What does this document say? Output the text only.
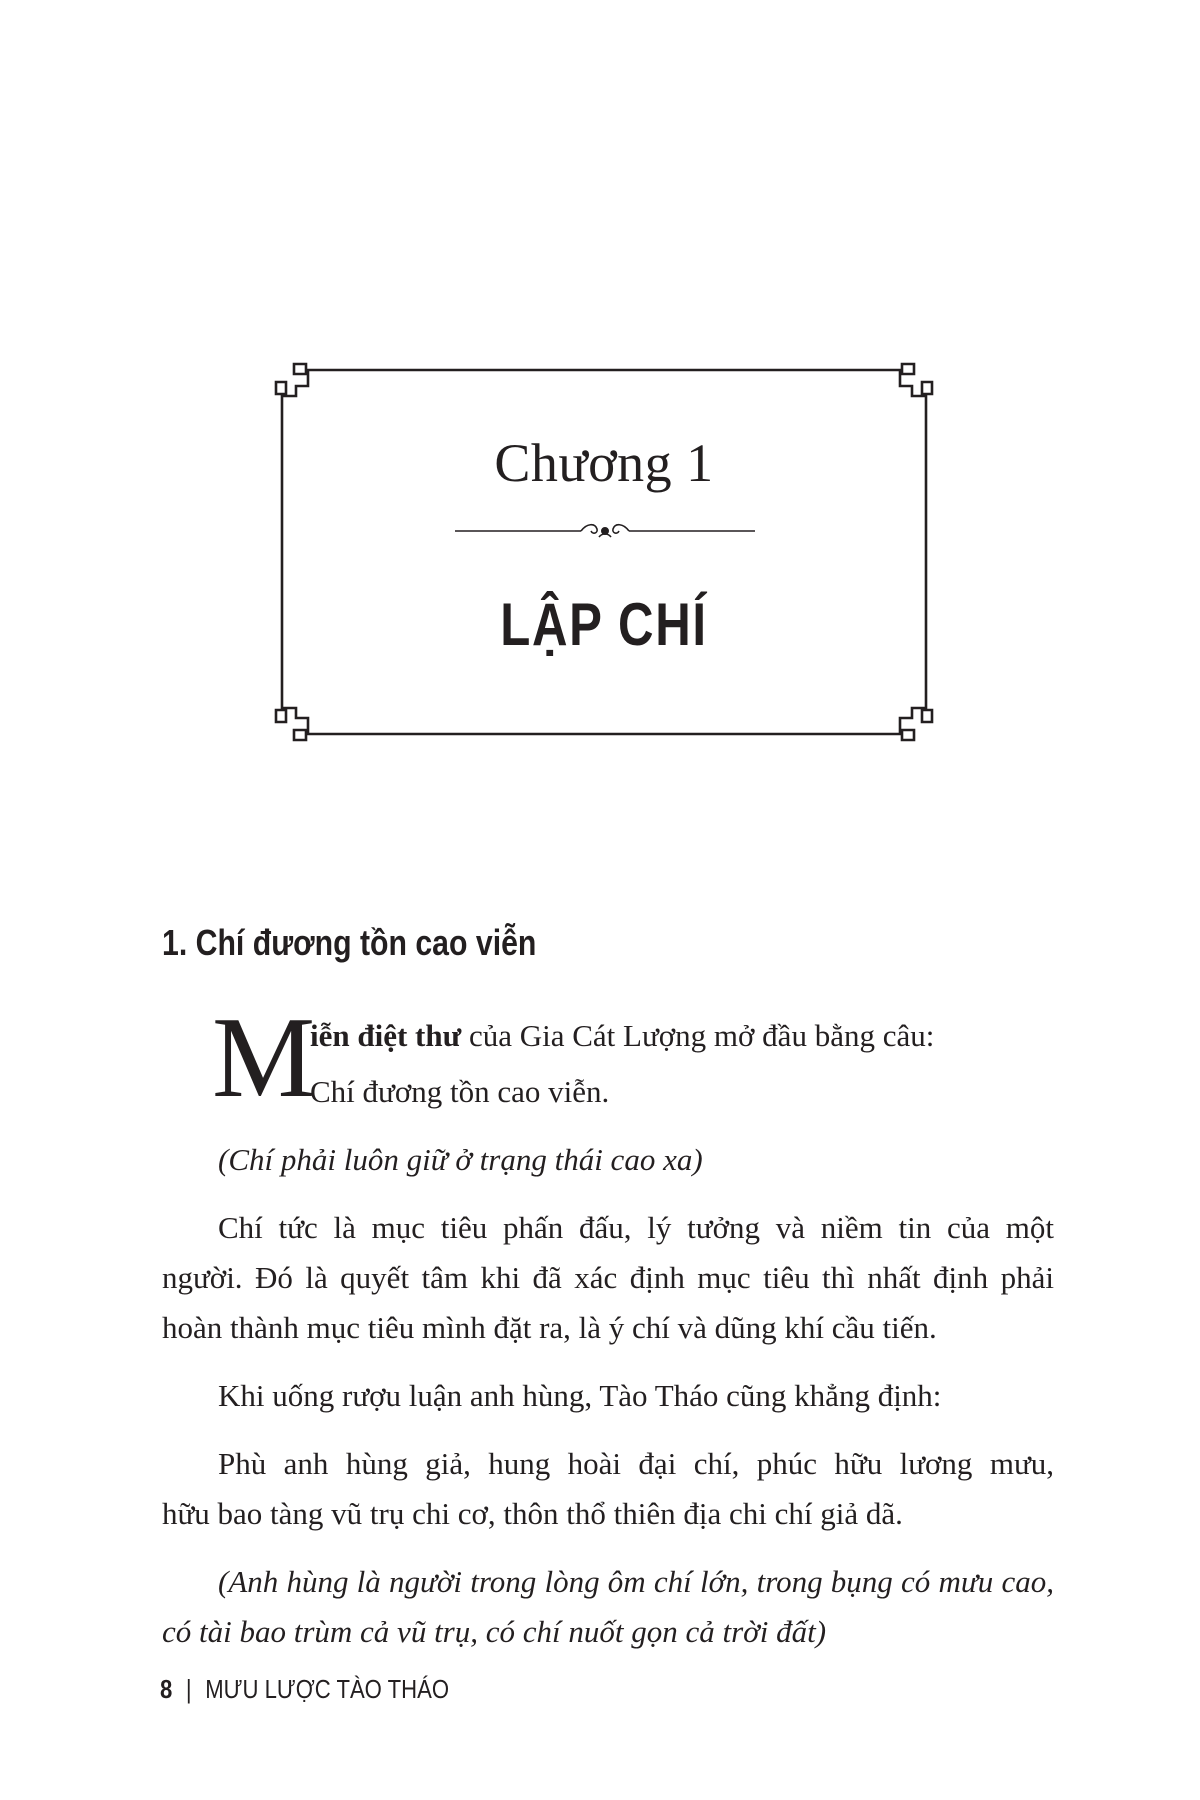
Chương 1
LẬP CHÍ
1. Chí đương tồn cao viễn
M
iễn điệt thư của Gia Cát Lượng mở đầu bằng câu:
Chí đương tồn cao viễn.
(Chí phải luôn giữ ở trạng thái cao xa)
Chí tức là mục tiêu phấn đấu, lý tưởng và niềm tin của một
người. Đó là quyết tâm khi đã xác định mục tiêu thì nhất định phải
hoàn thành mục tiêu mình đặt ra, là ý chí và dũng khí cầu tiến.
Khi uống rượu luận anh hùng, Tào Tháo cũng khẳng định:
Phù anh hùng giả, hung hoài đại chí, phúc hữu lương mưu,
hữu bao tàng vũ trụ chi cơ, thôn thổ thiên địa chi chí giả dã.
(Anh hùng là người trong lòng ôm chí lớn, trong bụng có mưu cao,
có tài bao trùm cả vũ trụ, có chí nuốt gọn cả trời đất)
8 | MƯU LƯỢC TÀO THÁO
